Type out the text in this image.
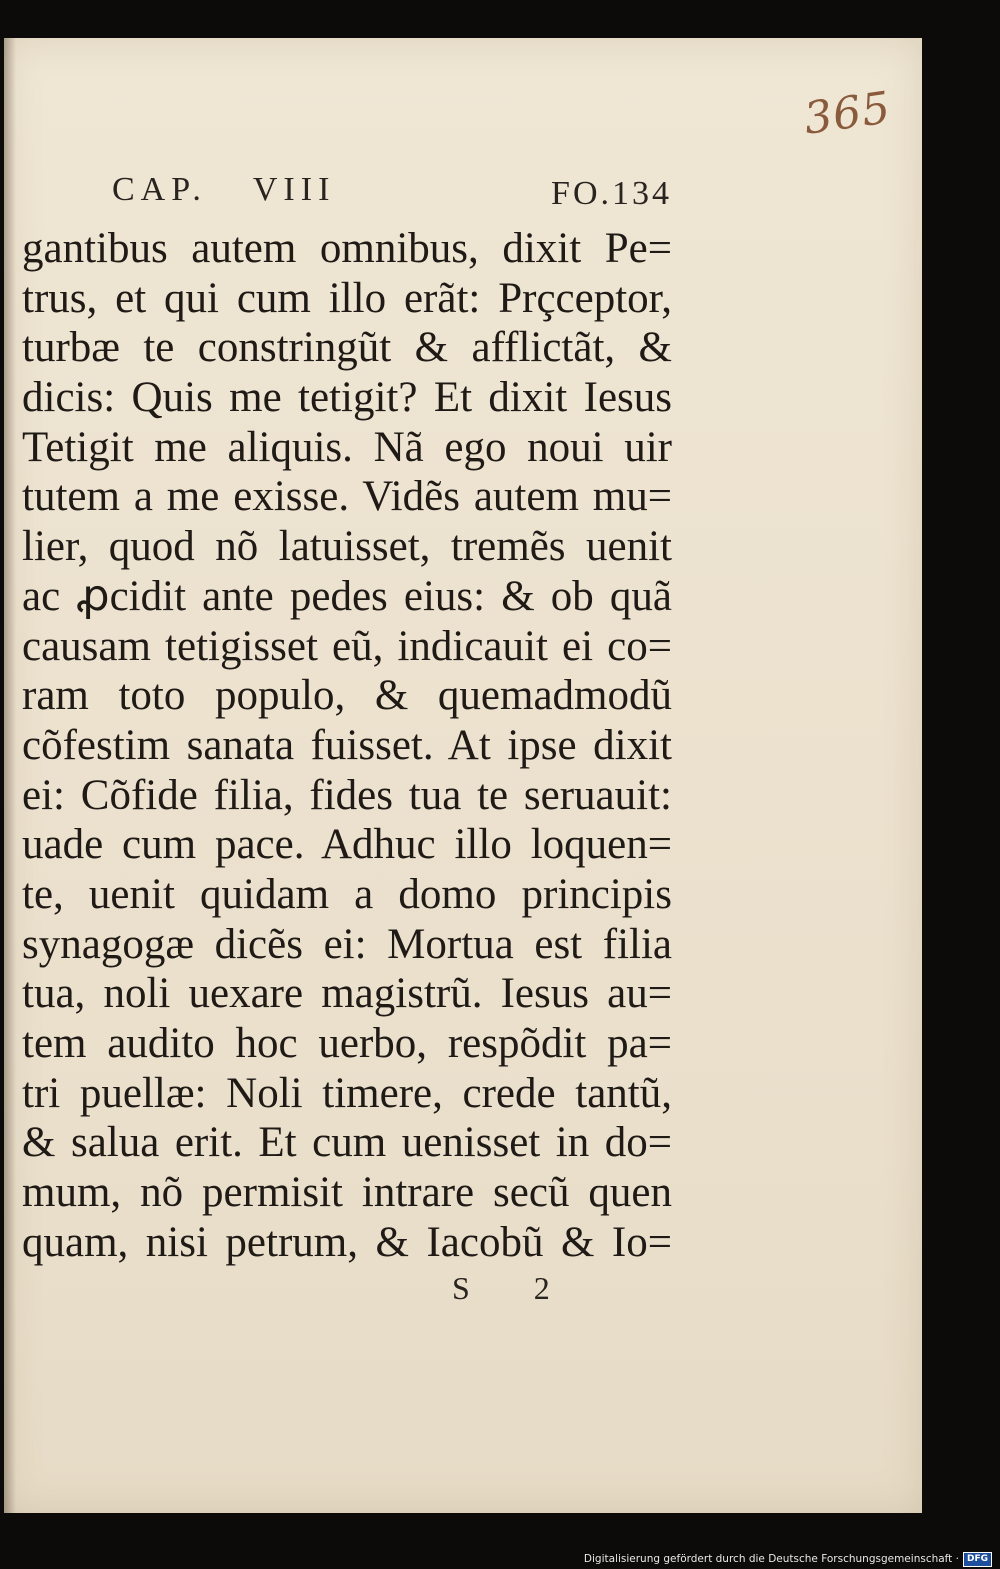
365
CAP. VIII	FO.134
gantibus autem omnibus, dixit Pe=
trus, et qui cum illo erãt: Prçceptor,
turbæ te constringũt & afflictãt, &
dicis: Quis me tetigit? Et dixit Iesus
Tetigit me aliquis. Nã ego noui uir
tutem a me exisse. Vidẽs autem mu=
lier, quod nõ latuisset, tremẽs uenit
ac ꝓcidit ante pedes eius: & ob quã
causam tetigisset eũ, indicauit ei co=
ram toto populo, & quemadmodũ
cõfestim sanata fuisset. At ipse dixit
ei: Cõfide filia, fides tua te seruauit:
uade cum pace. Adhuc illo loquen=
te, uenit quidam a domo principis
synagogæ dicẽs ei: Mortua est filia
tua, noli uexare magistrũ. Iesus au=
tem audito hoc uerbo, respõdit pa=
tri puellæ: Noli timere, crede tantũ,
& salua erit. Et cum uenisset in do=
mum, nõ permisit intrare secũ quen
quam, nisi petrum, & Iacobũ & Io=
S 2
Digitalisierung gefördert durch die Deutsche Forschungsgemeinschaft · DFG
